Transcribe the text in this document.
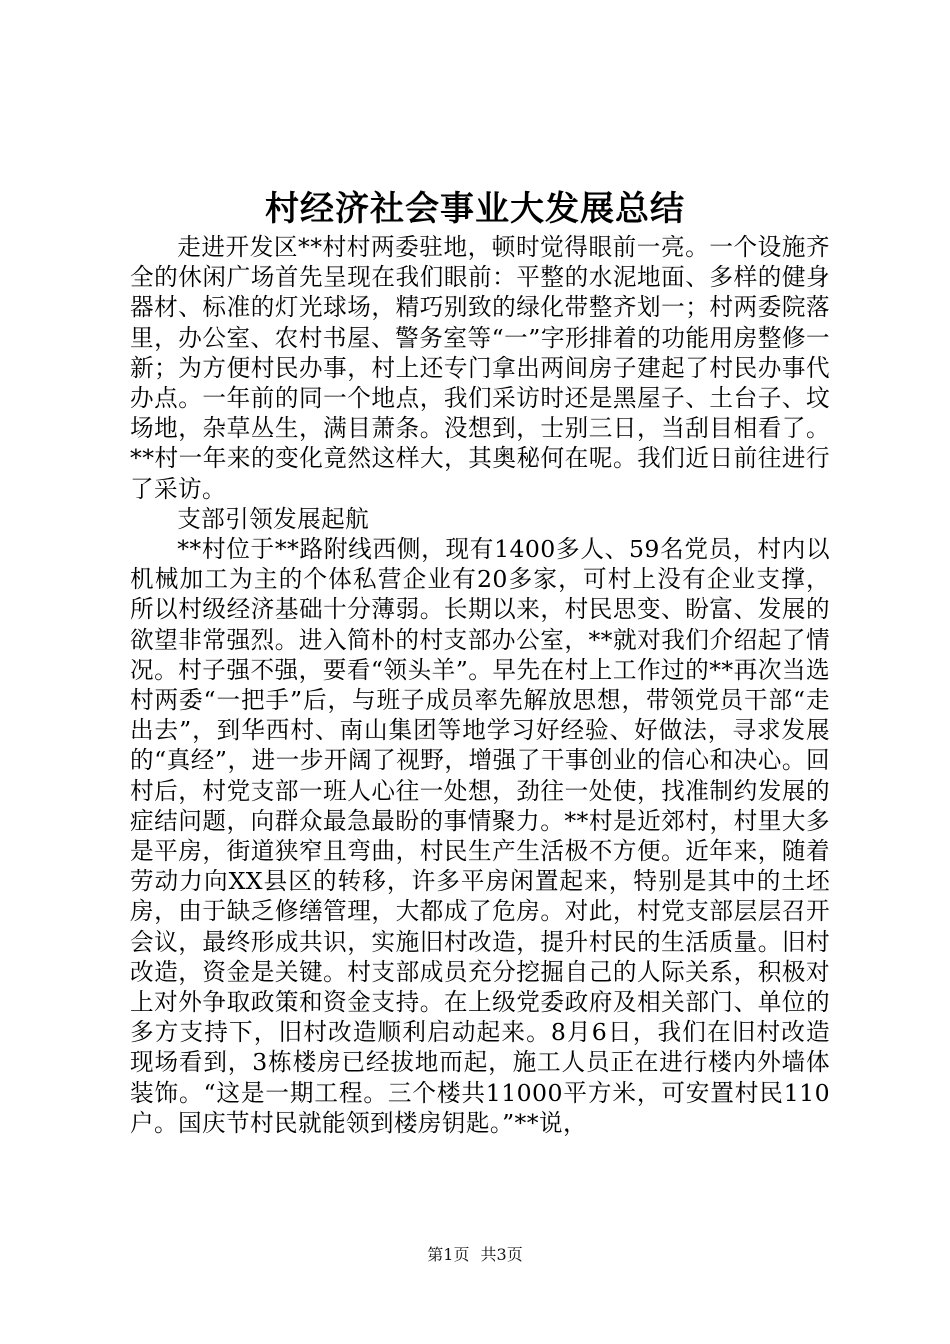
村经济社会事业大发展总结

走进开发区**村村两委驻地，顿时觉得眼前一亮。一个设施齐全的休闲广场首先呈现在我们眼前：平整的水泥地面、多样的健身器材、标准的灯光球场，精巧别致的绿化带整齐划一；村两委院落里，办公室、农村书屋、警务室等“一”字形排着的功能用房整修一新；为方便村民办事，村上还专门拿出两间房子建起了村民办事代办点。一年前的同一个地点，我们采访时还是黑屋子、土台子、坟场地，杂草丛生，满目萧条。没想到，士别三日，当刮目相看了。**村一年来的变化竟然这样大，其奥秘何在呢。我们近日前往进行了采访。

支部引领发展起航

**村位于**路附线西侧，现有1400多人、59名党员，村内以机械加工为主的个体私营企业有20多家，可村上没有企业支撑，所以村级经济基础十分薄弱。长期以来，村民思变、盼富、发展的欲望非常强烈。进入简朴的村支部办公室，**就对我们介绍起了情况。村子强不强，要看“领头羊”。早先在村上工作过的**再次当选村两委“一把手”后，与班子成员率先解放思想，带领党员干部“走出去”，到华西村、南山集团等地学习好经验、好做法，寻求发展的“真经”，进一步开阔了视野，增强了干事创业的信心和决心。回村后，村党支部一班人心往一处想，劲往一处使，找准制约发展的症结问题，向群众最急最盼的事情聚力。**村是近郊村，村里大多是平房，街道狭窄且弯曲，村民生产生活极不方便。近年来，随着劳动力向XX县区的转移，许多平房闲置起来，特别是其中的土坯房，由于缺乏修缮管理，大都成了危房。对此，村党支部层层召开会议，最终形成共识，实施旧村改造，提升村民的生活质量。旧村改造，资金是关键。村支部成员充分挖掘自己的人际关系，积极对上对外争取政策和资金支持。在上级党委政府及相关部门、单位的多方支持下，旧村改造顺利启动起来。8月6日，我们在旧村改造现场看到，3栋楼房已经拔地而起，施工人员正在进行楼内外墙体装饰。“这是一期工程。三个楼共11000平方米，可安置村民110户。国庆节村民就能领到楼房钥匙。”**说，

第1页 共3页
